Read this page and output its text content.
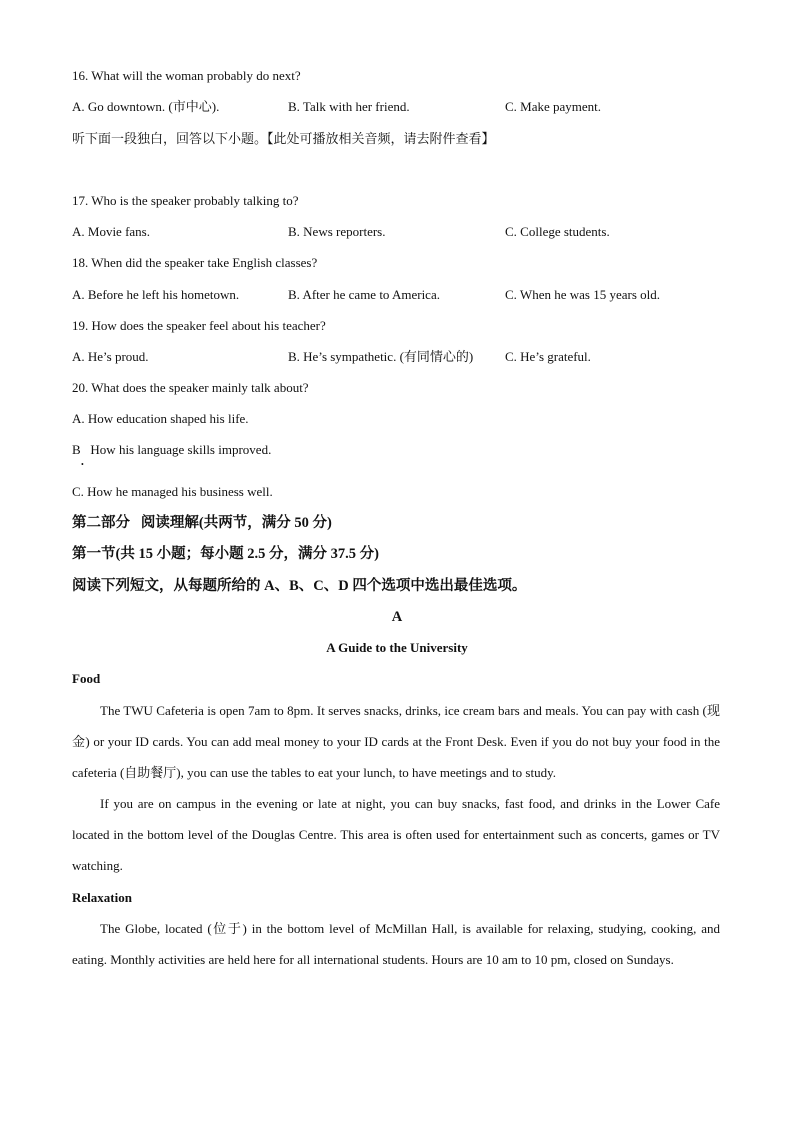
16. What will the woman probably do next?
A. Go downtown. (市中心).	B. Talk with her friend.	C. Make payment.
听下面一段独白，回答以下小题。【此处可播放相关音频，请去附件查看】
17. Who is the speaker probably talking to?
A. Movie fans.	B. News reporters.	C. College students.
18. When did the speaker take English classes?
A. Before he left his hometown.	B. After he came to America.	C. When he was 15 years old.
19. How does the speaker feel about his teacher?
A. He’s proud.	B. He’s sympathetic. (有同情心的) C. He’s grateful.
20. What does the speaker mainly talk about?
A. How education shaped his life.
B   How his language skills improved.
•
C. How he managed his business well.
第二部分   阅读理解(共两节，满分 50 分)
第一节(共 15 小题；每小题 2.5 分，满分 37.5 分)
阅读下列短文，从每题所给的 A、B、C、D 四个选项中选出最佳选项。
A
A Guide to the University
Food
The TWU Cafeteria is open 7am to 8pm. It serves snacks, drinks, ice cream bars and meals. You can pay with cash (现金) or your ID cards. You can add meal money to your ID cards at the Front Desk. Even if you do not buy your food in the cafeteria (自助餐厅), you can use the tables to eat your lunch, to have meetings and to study.
If you are on campus in the evening or late at night, you can buy snacks, fast food, and drinks in the Lower Cafe located in the bottom level of the Douglas Centre. This area is often used for entertainment such as concerts, games or TV watching.
Relaxation
The Globe, located (位于) in the bottom level of McMillan Hall, is available for relaxing, studying, cooking, and eating. Monthly activities are held here for all international students. Hours are 10 am to 10 pm, closed on Sundays.
